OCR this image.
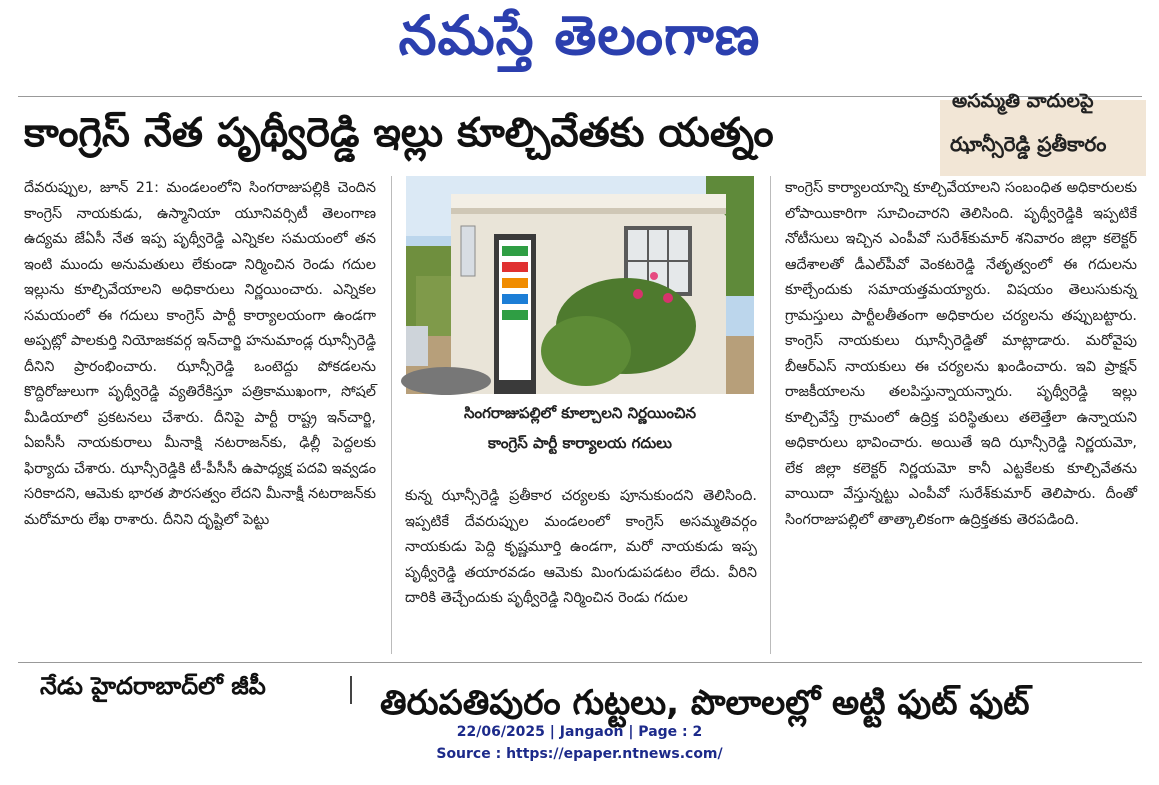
నమస్తే తెలంగాణ
కాంగ్రెస్ నేత పృథ్వీరెడ్డి ఇల్లు కూల్చివేతకు యత్నం
అసమ్మతి వాదులపై
ఝాన్సీరెడ్డి ప్రతీకారం

దేవరుప్పుల, జూన్ 21: మండలంలోని సింగరాజుపల్లికి చెందిన కాంగ్రెస్ నాయకుడు, ఉస్మానియా యూనివర్సిటీ తెలంగాణ ఉద్యమ జేఏసీ నేత ఇప్ప పృథ్వీరెడ్డి ఎన్నికల సమయంలో తన ఇంటి ముందు అనుమతులు లేకుండా నిర్మించిన రెండు గదుల ఇల్లును కూల్చివేయాలని అధికారులు నిర్ణయించారు. ఎన్నికల సమయంలో ఈ గదులు కాంగ్రెస్ పార్టీ కార్యాలయంగా ఉండగా అప్పట్లో పాలకుర్తి నియోజకవర్గ ఇన్‌చార్జి హనుమాండ్ల ఝాన్సీరెడ్డి దీనిని ప్రారంభించారు. ఝాన్సీరెడ్డి ఒంటెద్దు పోకడలను కొద్దిరోజులుగా పృథ్వీరెడ్డి వ్యతిరేకిస్తూ పత్రికాముఖంగా, సోషల్ మీడియాలో ప్రకటనలు చేశారు. దీనిపై పార్టీ రాష్ట్ర ఇన్‌చార్జి, ఏఐసీసీ నాయకురాలు మీనాక్షి నటరాజన్‌కు, ఢిల్లీ పెద్దలకు ఫిర్యాదు చేశారు. ఝాన్సీరెడ్డికి టీ-పీసీసీ ఉపాధ్యక్ష పదవి ఇవ్వడం సరికాదని, ఆమెకు భారత పౌరసత్వం లేదని మీనాక్షీ నటరాజన్‌కు మరోమారు లేఖ రాశారు. దీనిని దృష్టిలో పెట్టు

సింగరాజుపల్లిలో కూల్చాలని నిర్ణయించిన
కాంగ్రెస్ పార్టీ కార్యాలయ గదులు

కున్న ఝాన్సీరెడ్డి ప్రతీకార చర్యలకు పూనుకుందని తెలిసింది. ఇప్పటికే దేవరుప్పుల మండలంలో కాంగ్రెస్ అసమ్మతివర్గం నాయకుడు పెద్ది కృష్ణమూర్తి ఉండగా, మరో నాయకుడు ఇప్ప పృథ్వీరెడ్డి తయారవడం ఆమెకు మింగుడుపడటం లేదు. వీరిని దారికి తెచ్చేందుకు పృథ్వీరెడ్డి నిర్మించిన రెండు గదుల

కాంగ్రెస్ కార్యాలయాన్ని కూల్చివేయాలని సంబంధిత అధికారులకు లోపాయికారిగా సూచించారని తెలిసింది. పృథ్వీరెడ్డికి ఇప్పటికే నోటీసులు ఇచ్చిన ఎంపీవో సురేశ్‌కుమార్ శనివారం జిల్లా కలెక్టర్ ఆదేశాలతో డీఎల్‌పీవో వెంకటరెడ్డి నేతృత్వంలో ఈ గదులను కూల్చేందుకు సమాయత్తమయ్యారు. విషయం తెలుసుకున్న గ్రామస్తులు పార్టీలతీతంగా అధికారుల చర్యలను తప్పుబట్టారు. కాంగ్రెస్ నాయకులు ఝాన్సీరెడ్డితో మాట్లాడారు. మరోవైపు బీఆర్ఎస్ నాయకులు ఈ చర్యలను ఖండించారు. ఇవి ప్రాక్షన్ రాజకీయాలను తలపిస్తున్నాయన్నారు. పృథ్వీరెడ్డి ఇల్లు కూల్చివేస్తే గ్రామంలో ఉద్రిక్త పరిస్థితులు తలెత్తేలా ఉన్నాయని అధికారులు భావించారు. అయితే ఇది ఝాన్సీరెడ్డి నిర్ణయమో, లేక జిల్లా కలెక్టర్ నిర్ణయమో కానీ ఎట్టకేలకు కూల్చివేతను వాయిదా వేస్తున్నట్టు ఎంపీవో సురేశ్‌కుమార్ తెలిపారు. దీంతో సింగరాజుపల్లిలో తాత్కాలికంగా ఉద్రిక్తతకు తెరపడింది.

నేడు హైదరాబాద్‌లో జీపీ	తిరుపతిపురం గుట్టలు, పొలాలల్లో అట్టి ఫుట్ ఫుట్
22/06/2025 | Jangaon | Page : 2
Source : https://epaper.ntnews.com/
